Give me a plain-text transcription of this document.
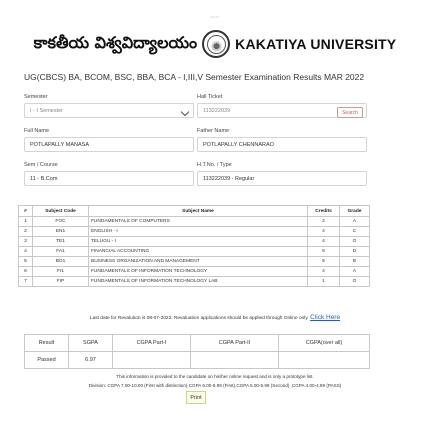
•••••
కాకతీయ విశ్వవిద్యాలయం	KAKATIYA UNIVERSITY
UG(CBCS) BA, BCOM, BSC, BBA, BCA - I,III,V Semester Examination Results MAR 2022
Semester
I - I Semester
Hall Ticket
113222039	Search
Full Name
POTLAPALLY MANASA
Father Name
POTLAPALLY CHENNARAO
Sem / Course
11 - B.Com
H.T.No. / Type
113222039 - Regular
#	Subject Code	Subject Name	Credits	Grade
1	FOC	FUNDAMENTALS OF COMPUTERS	2	A
2	EN1	ENGLISH - I	4	C
3	TE1	TELUGU - I	4	O
4	FA1	FINANCIAL ACCOUNTING	5	D
5	BO1	BUSINESS ORGANIZATION AND MANAGEMENT	5	B
6	FI1	FUNDAMENTALS OF INFORMATION TECHNOLOGY	4	A
7	FIP	FUNDAMENTALS OF INFORMATION TECHNOLOGY LAB	1	O
Last date for Revalution is 08-07-2022. Revaluation applications should be applied through Online only. Click Here
Result	SGPA	CGPA Part-I	CGPA Part-II	CGPA(over all)
Passed	6.97			
This information is provided to the candidate on his/her online request and is only a prototype list.
Division: CGPA 7.00-10.00 (First with distinction),CGPA 6.00-6.99 (First),CGPA 5.00-5.99 (Second) ,CGPA 4.00-4.99 (PASS)
Print
